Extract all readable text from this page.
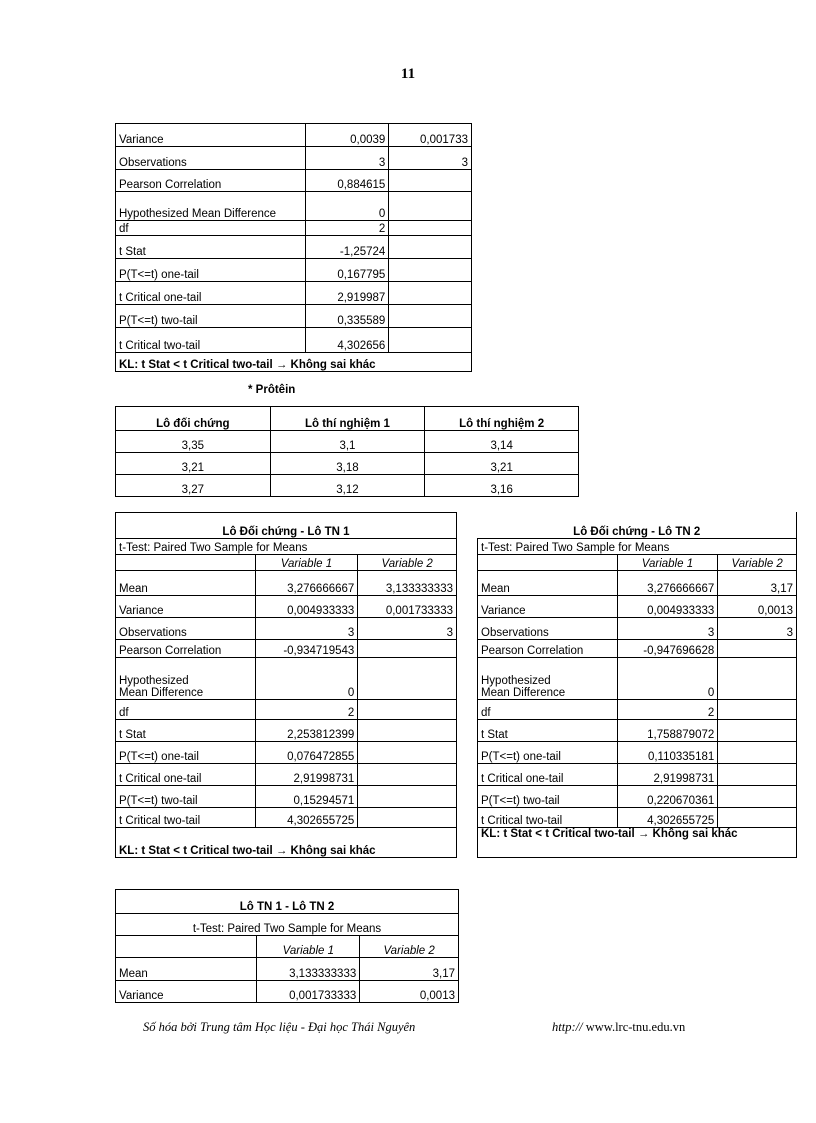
11
Variance	0,0039	0,001733
Observations	3	3
Pearson Correlation	0,884615	
Hypothesized Mean Difference	0	
df	2	
t Stat	-1,25724	
P(T<=t) one-tail	0,167795	
t Critical one-tail	2,919987	
P(T<=t) two-tail	0,335589	
t Critical two-tail	4,302656	
KL: t Stat < t Critical two-tail → Không sai khác		
* Prôtêin
Lô đối chứng	Lô thí nghiệm 1	Lô thí nghiệm 2
3,35	3,1	3,14
3,21	3,18	3,21
3,27	3,12	3,16
Lô Đối chứng - Lô TN 1		
t-Test: Paired Two Sample for Means		
	Variable 1	Variable 2
Mean	3,276666667	3,133333333
Variance	0,004933333	0,001733333
Observations	3	3
Pearson Correlation	-0,934719543	
Hypothesized
Mean Difference	0	
df	2	
t Stat	2,253812399	
P(T<=t) one-tail	0,076472855	
t Critical one-tail	2,91998731	
P(T<=t) two-tail	0,15294571	
t Critical two-tail	4,302655725	
KL: t Stat < t Critical two-tail → Không sai khác		
Lô Đối chứng - Lô TN 2		
t-Test: Paired Two Sample for Means		
	Variable 1	Variable 2
Mean	3,276666667	3,17
Variance	0,004933333	0,0013
Observations	3	3
Pearson Correlation	-0,947696628	
Hypothesized
Mean Difference	0	
df	2	
t Stat	1,758879072	
P(T<=t) one-tail	0,110335181	
t Critical one-tail	2,91998731	
P(T<=t) two-tail	0,220670361	
t Critical two-tail	4,302655725	
KL: t Stat < t Critical two-tail → Không sai khác		
Lô TN 1 - Lô TN 2		
t-Test: Paired Two Sample for Means		
	Variable 1	Variable 2
Mean	3,133333333	3,17
Variance	0,001733333	0,0013
Số hóa bởi Trung tâm Học liệu - Đại học Thái Nguyên	http:// www.lrc-tnu.edu.vn
